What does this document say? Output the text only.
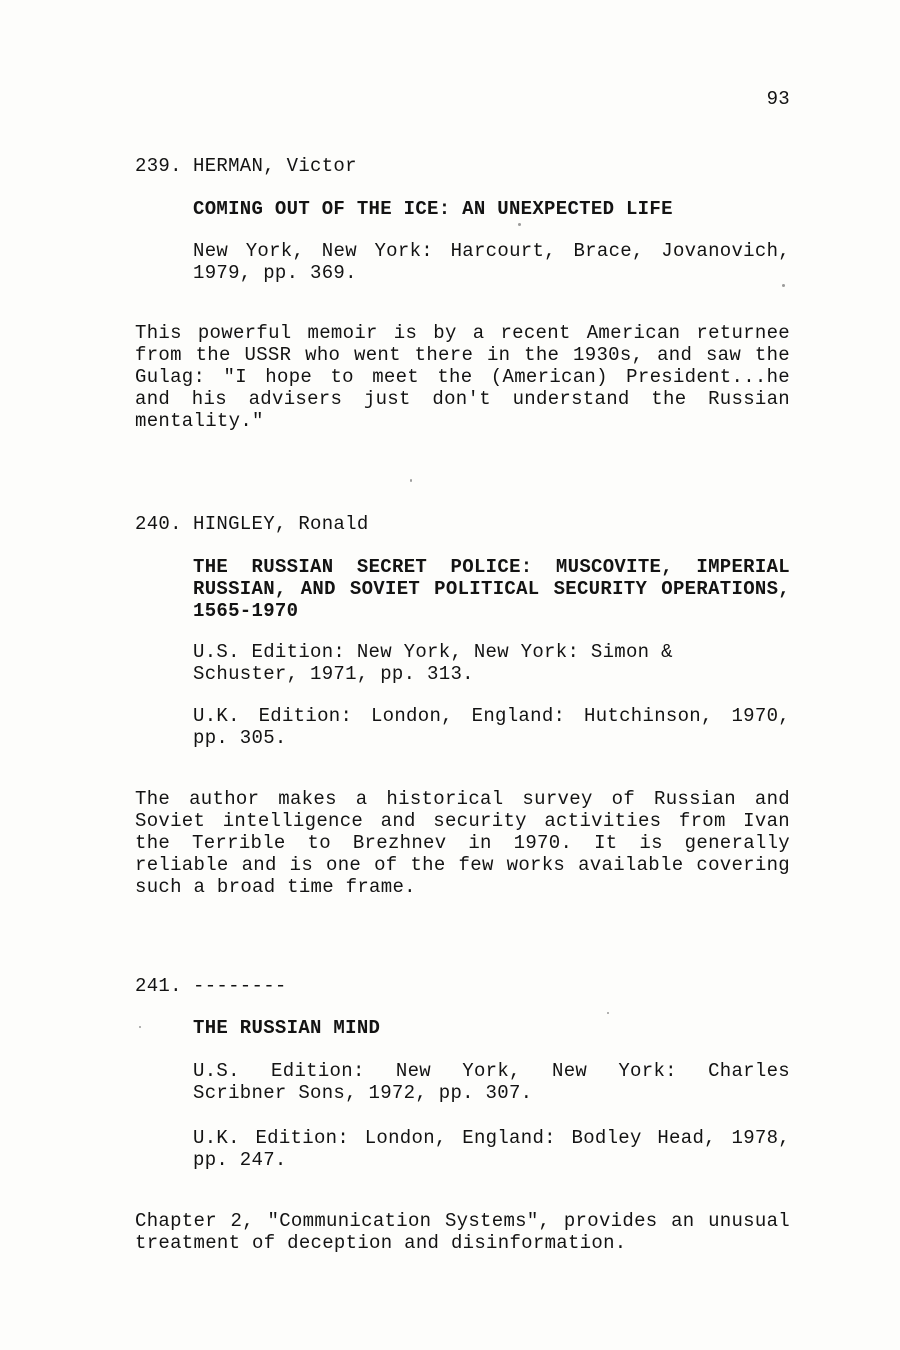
93
239. HERMAN, Victor
COMING OUT OF THE ICE: AN UNEXPECTED LIFE
New York, New York: Harcourt, Brace, Jovanovich,
1979, pp. 369.
This powerful memoir is by a recent American returnee
from the USSR who went there in the 1930s, and saw the
Gulag: "I hope to meet the (American) President...he
and his advisers just don't understand the Russian
mentality."
240. HINGLEY, Ronald
THE RUSSIAN SECRET POLICE: MUSCOVITE, IMPERIAL
RUSSIAN, AND SOVIET POLITICAL SECURITY OPERATIONS,
1565-1970
U.S. Edition: New York, New York: Simon &
Schuster, 1971, pp. 313.
U.K. Edition: London, England: Hutchinson, 1970,
pp. 305.
The author makes a historical survey of Russian and
Soviet intelligence and security activities from Ivan
the Terrible to Brezhnev in 1970. It is generally
reliable and is one of the few works available covering
such a broad time frame.
241. --------
THE RUSSIAN MIND
U.S. Edition: New York, New York: Charles
Scribner Sons, 1972, pp. 307.
U.K. Edition: London, England: Bodley Head, 1978,
pp. 247.
Chapter 2, "Communication Systems", provides an unusual
treatment of deception and disinformation.
